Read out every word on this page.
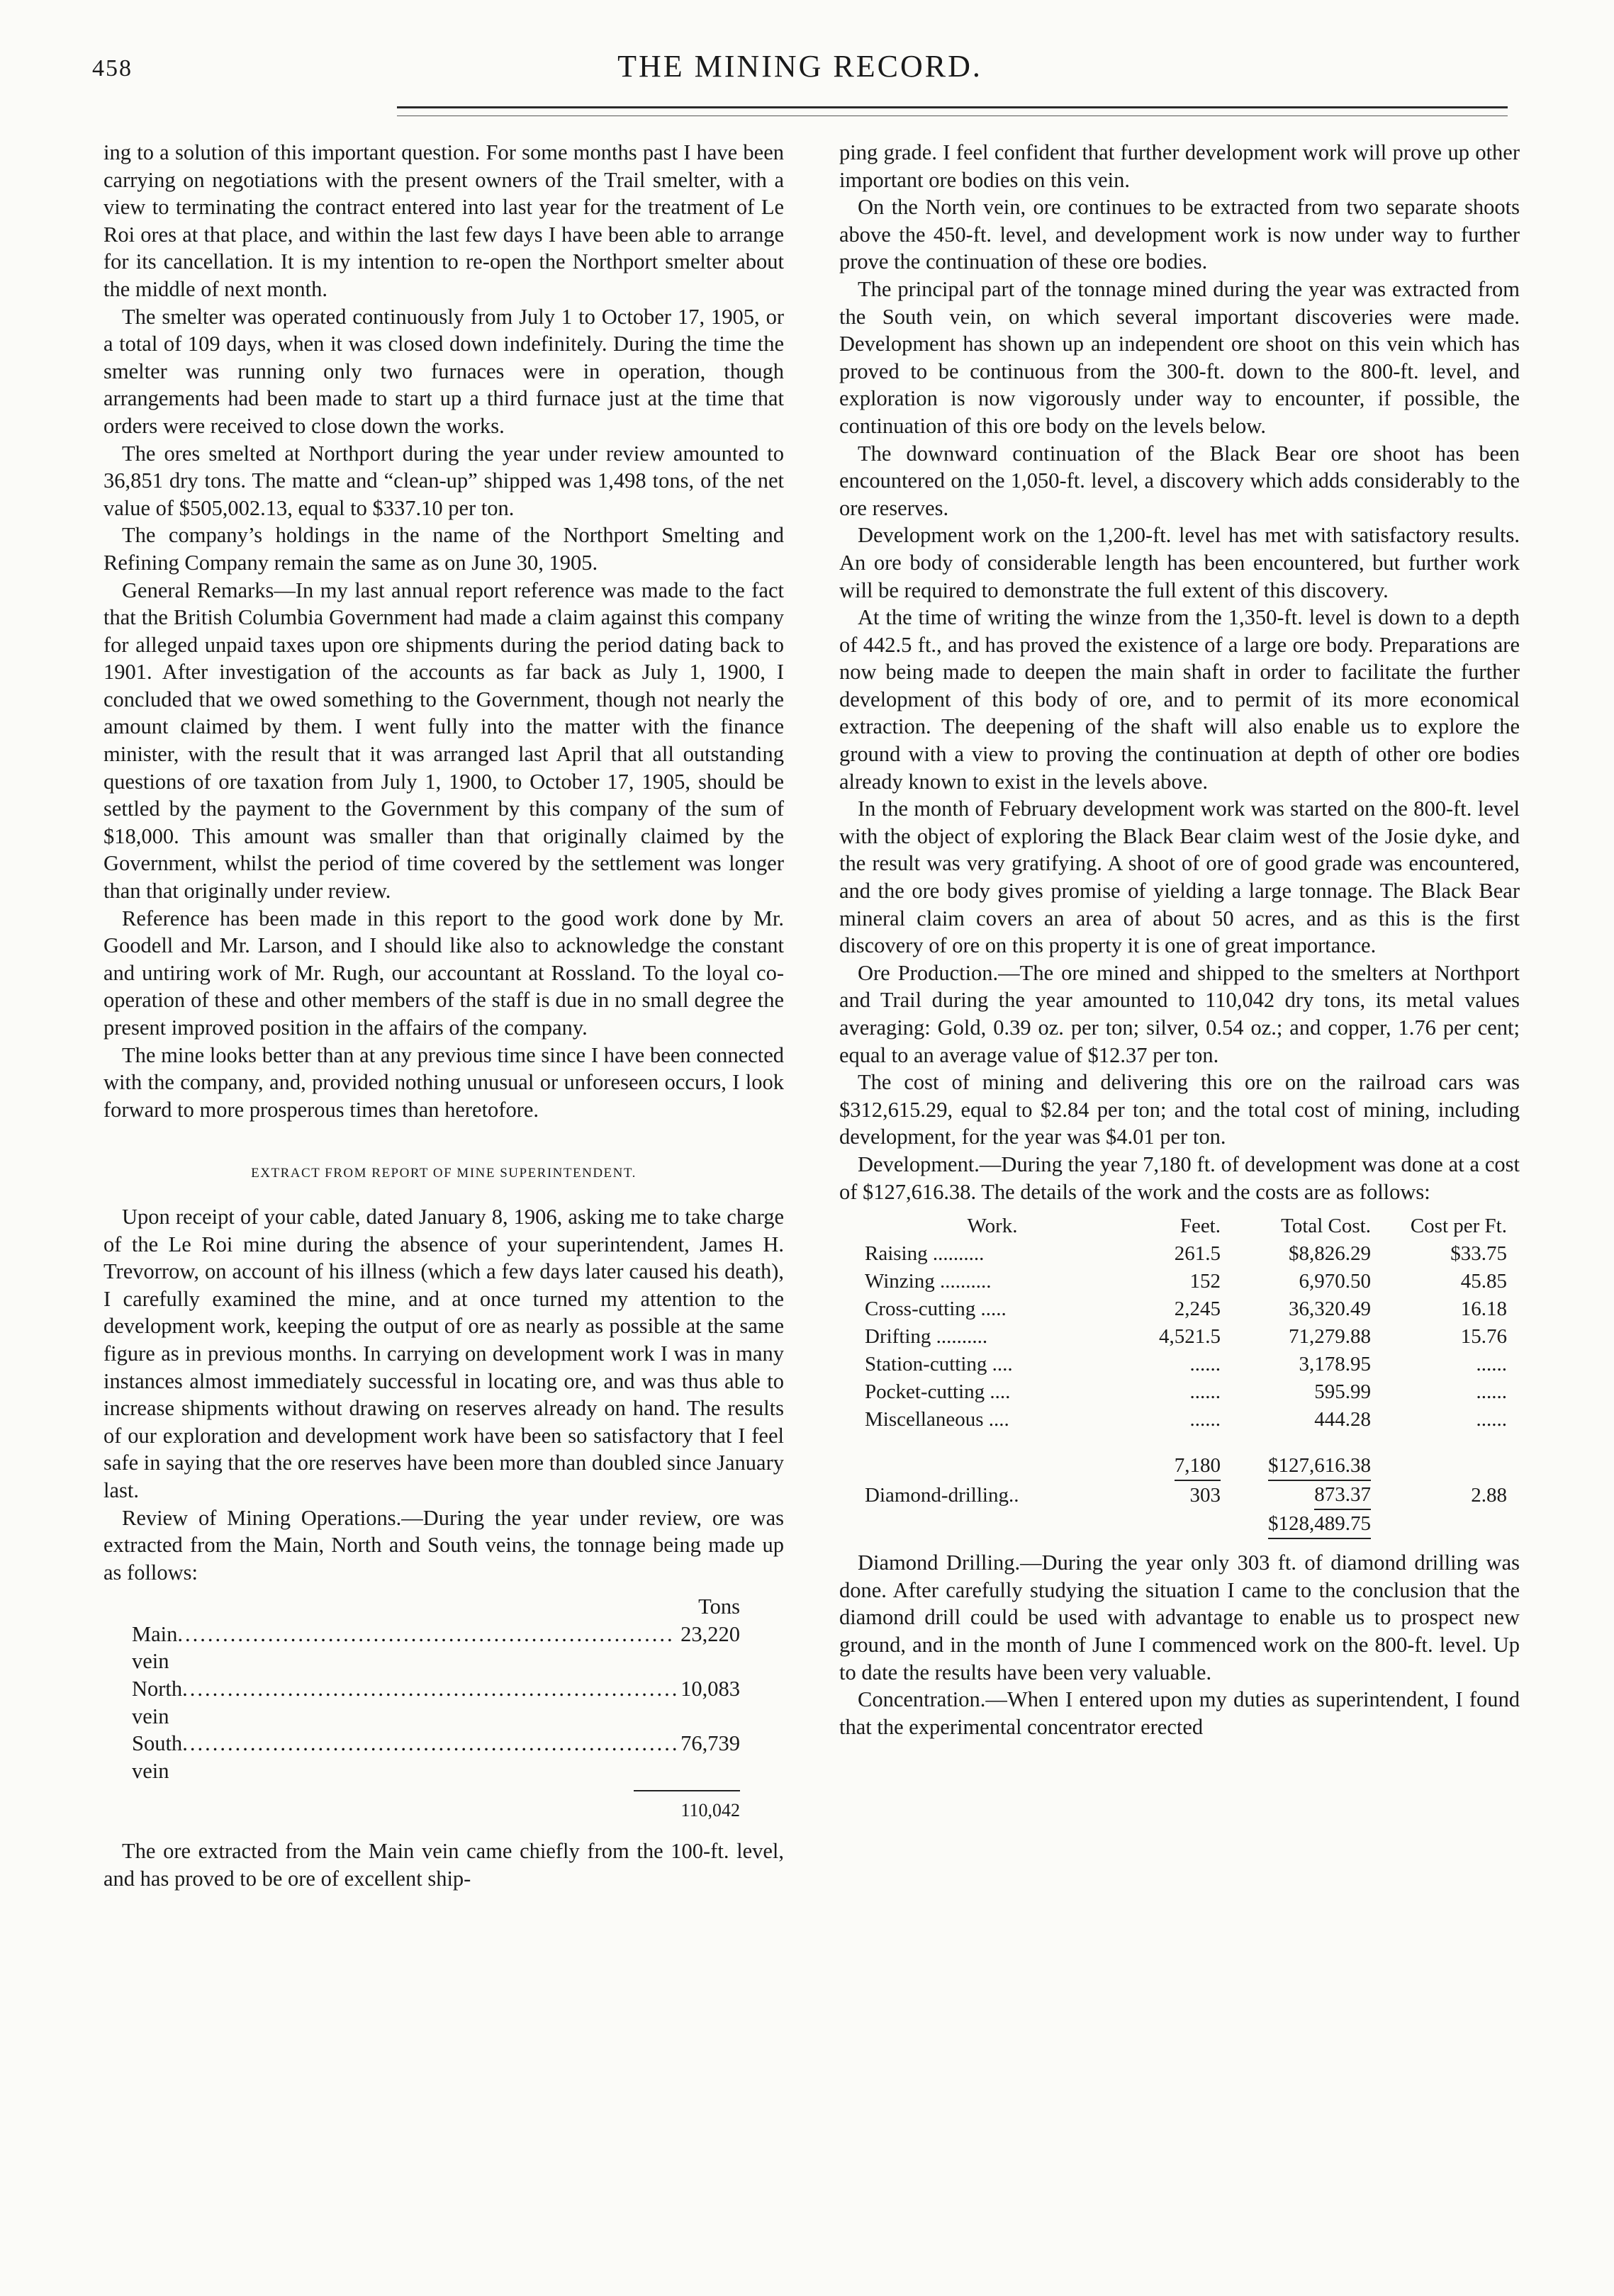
458	THE MINING RECORD.

ing to a solution of this important question. For some months past I have been carrying on negotiations with the present owners of the Trail smelter, with a view to terminating the contract entered into last year for the treatment of Le Roi ores at that place, and within the last few days I have been able to arrange for its cancellation. It is my intention to re-open the Northport smelter about the middle of next month.

The smelter was operated continuously from July 1 to October 17, 1905, or a total of 109 days, when it was closed down indefinitely. During the time the smelter was running only two furnaces were in operation, though arrangements had been made to start up a third furnace just at the time that orders were received to close down the works.

The ores smelted at Northport during the year under review amounted to 36,851 dry tons. The matte and “clean-up” shipped was 1,498 tons, of the net value of $505,002.13, equal to $337.10 per ton.

The company’s holdings in the name of the Northport Smelting and Refining Company remain the same as on June 30, 1905.

General Remarks—In my last annual report reference was made to the fact that the British Columbia Government had made a claim against this company for alleged unpaid taxes upon ore shipments during the period dating back to 1901. After investigation of the accounts as far back as July 1, 1900, I concluded that we owed something to the Government, though not nearly the amount claimed by them. I went fully into the matter with the finance minister, with the result that it was arranged last April that all outstanding questions of ore taxation from July 1, 1900, to October 17, 1905, should be settled by the payment to the Government by this company of the sum of $18,000. This amount was smaller than that originally claimed by the Government, whilst the period of time covered by the settlement was longer than that originally under review.

Reference has been made in this report to the good work done by Mr. Goodell and Mr. Larson, and I should like also to acknowledge the constant and untiring work of Mr. Rugh, our accountant at Rossland. To the loyal co-operation of these and other members of the staff is due in no small degree the present improved position in the affairs of the company.

The mine looks better than at any previous time since I have been connected with the company, and, provided nothing unusual or unforeseen occurs, I look forward to more prosperous times than heretofore.

EXTRACT FROM REPORT OF MINE SUPERINTENDENT.

Upon receipt of your cable, dated January 8, 1906, asking me to take charge of the Le Roi mine during the absence of your superintendent, James H. Trevorrow, on account of his illness (which a few days later caused his death), I carefully examined the mine, and at once turned my attention to the development work, keeping the output of ore as nearly as possible at the same figure as in previous months. In carrying on development work I was in many instances almost immediately successful in locating ore, and was thus able to increase shipments without drawing on reserves already on hand. The results of our exploration and development work have been so satisfactory that I feel safe in saying that the ore reserves have been more than doubled since January last.

Review of Mining Operations.—During the year under review, ore was extracted from the Main, North and South veins, the tonnage being made up as follows:

Tons
Main vein
.................................................................. 23,220
North vein
.................................................................. 10,083
South vein
.................................................................. 76,739
110,042

The ore extracted from the Main vein came chiefly from the 100-ft. level, and has proved to be ore of excellent ship-

ping grade. I feel confident that further development work will prove up other important ore bodies on this vein.

On the North vein, ore continues to be extracted from two separate shoots above the 450-ft. level, and development work is now under way to further prove the continuation of these ore bodies.

The principal part of the tonnage mined during the year was extracted from the South vein, on which several important discoveries were made. Development has shown up an independent ore shoot on this vein which has proved to be continuous from the 300-ft. down to the 800-ft. level, and exploration is now vigorously under way to encounter, if possible, the continuation of this ore body on the levels below.

The downward continuation of the Black Bear ore shoot has been encountered on the 1,050-ft. level, a discovery which adds considerably to the ore reserves.

Development work on the 1,200-ft. level has met with satisfactory results. An ore body of considerable length has been encountered, but further work will be required to demonstrate the full extent of this discovery.

At the time of writing the winze from the 1,350-ft. level is down to a depth of 442.5 ft., and has proved the existence of a large ore body. Preparations are now being made to deepen the main shaft in order to facilitate the further development of this body of ore, and to permit of its more economical extraction. The deepening of the shaft will also enable us to explore the ground with a view to proving the continuation at depth of other ore bodies already known to exist in the levels above.

In the month of February development work was started on the 800-ft. level with the object of exploring the Black Bear claim west of the Josie dyke, and the result was very gratifying. A shoot of ore of good grade was encountered, and the ore body gives promise of yielding a large tonnage. The Black Bear mineral claim covers an area of about 50 acres, and as this is the first discovery of ore on this property it is one of great importance.

Ore Production.—The ore mined and shipped to the smelters at Northport and Trail during the year amounted to 110,042 dry tons, its metal values averaging: Gold, 0.39 oz. per ton; silver, 0.54 oz.; and copper, 1.76 per cent; equal to an average value of $12.37 per ton.

The cost of mining and delivering this ore on the railroad cars was $312,615.29, equal to $2.84 per ton; and the total cost of mining, including development, for the year was $4.01 per ton.

Development.—During the year 7,180 ft. of development was done at a cost of $127,616.38. The details of the work and the costs are as follows:

Work.	Feet.	Total Cost.	Cost per Ft.
Raising ..........	261.5	$8,826.29	$33.75
Winzing ..........	152	6,970.50	45.85
Cross-cutting .....	2,245	36,320.49	16.18
Drifting ..........	4,521.5	71,279.88	15.76
Station-cutting ....	......	3,178.95	......
Pocket-cutting ....	......	595.99	......
Miscellaneous ....	......	444.28	......

	7,180	$127,616.38	
Diamond-drilling..	303	873.37	2.88
		$128,489.75	

Diamond Drilling.—During the year only 303 ft. of diamond drilling was done. After carefully studying the situation I came to the conclusion that the diamond drill could be used with advantage to enable us to prospect new ground, and in the month of June I commenced work on the 800-ft. level. Up to date the results have been very valuable.

Concentration.—When I entered upon my duties as superintendent, I found that the experimental concentrator erected
